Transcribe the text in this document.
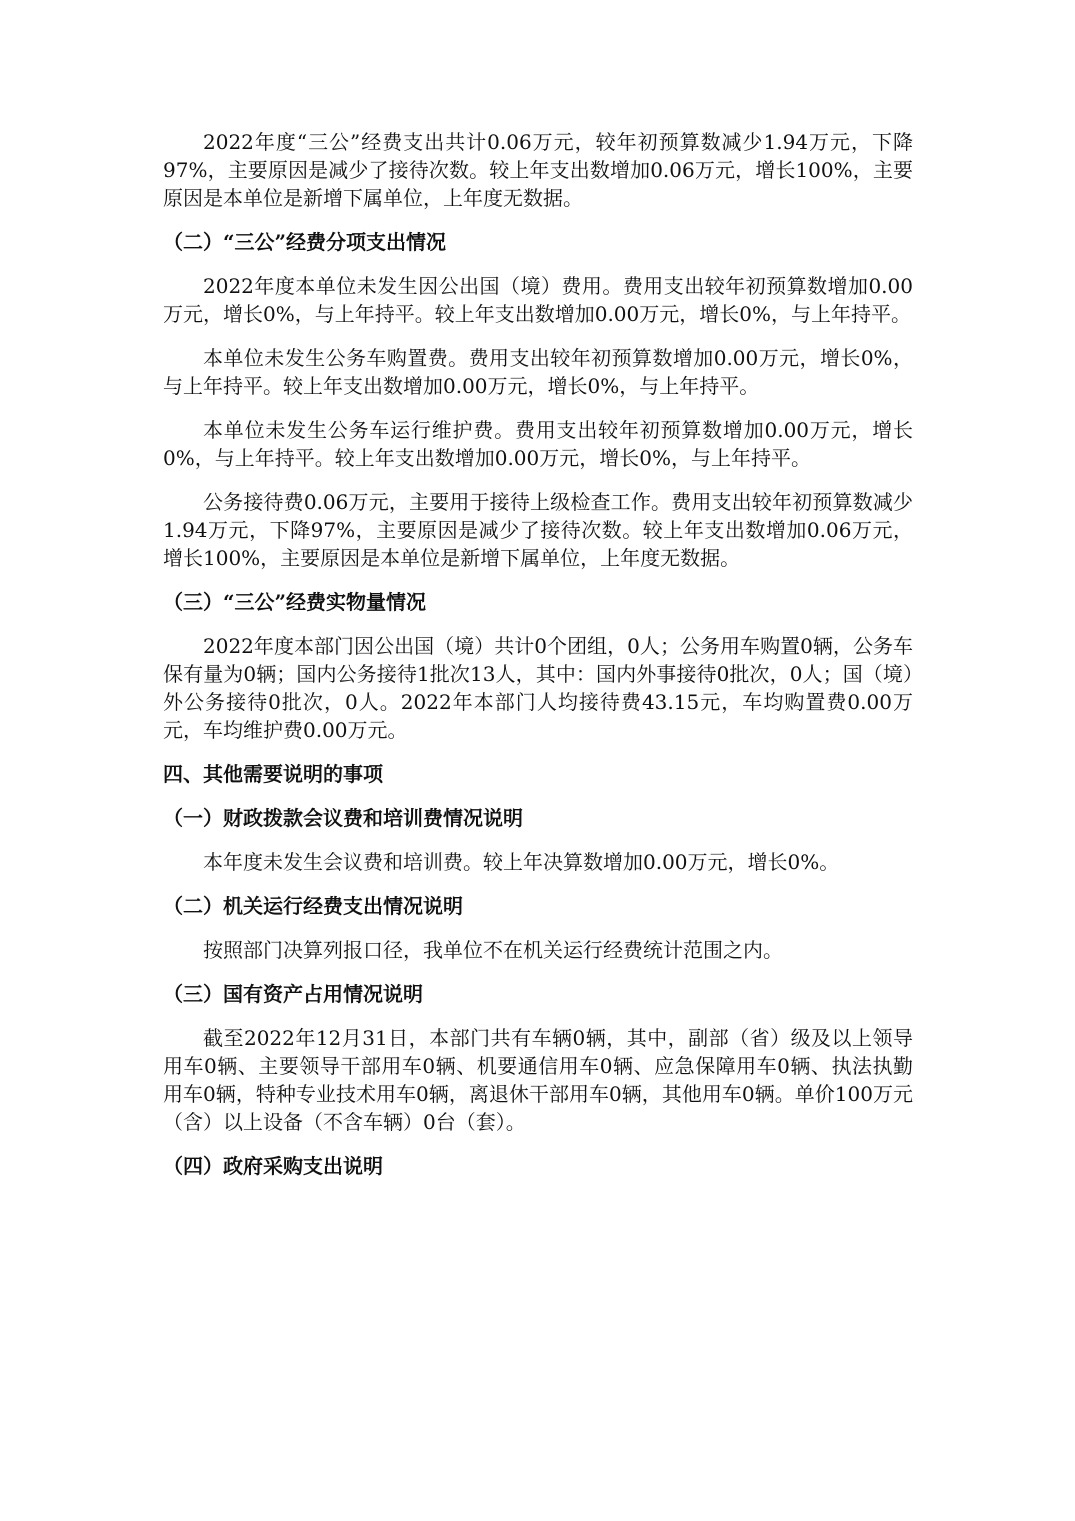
2022年度“三公”经费支出共计0.06万元，较年初预算数减少1.94万元，下降97%，主要原因是减少了接待次数。较上年支出数增加0.06万元，增长100%，主要原因是本单位是新增下属单位，上年度无数据。

（二）“三公”经费分项支出情况

2022年度本单位未发生因公出国（境）费用。费用支出较年初预算数增加0.00万元，增长0%，与上年持平。较上年支出数增加0.00万元，增长0%，与上年持平。

本单位未发生公务车购置费。费用支出较年初预算数增加0.00万元，增长0%，与上年持平。较上年支出数增加0.00万元，增长0%，与上年持平。

本单位未发生公务车运行维护费。费用支出较年初预算数增加0.00万元，增长0%，与上年持平。较上年支出数增加0.00万元，增长0%，与上年持平。

公务接待费0.06万元，主要用于接待上级检查工作。费用支出较年初预算数减少1.94万元，下降97%，主要原因是减少了接待次数。较上年支出数增加0.06万元，增长100%，主要原因是本单位是新增下属单位，上年度无数据。

（三）“三公”经费实物量情况

2022年度本部门因公出国（境）共计0个团组，0人；公务用车购置0辆，公务车保有量为0辆；国内公务接待1批次13人，其中：国内外事接待0批次，0人；国（境）外公务接待0批次，0人。2022年本部门人均接待费43.15元，车均购置费0.00万元，车均维护费0.00万元。

四、其他需要说明的事项

（一）财政拨款会议费和培训费情况说明

本年度未发生会议费和培训费。较上年决算数增加0.00万元，增长0%。

（二）机关运行经费支出情况说明

按照部门决算列报口径，我单位不在机关运行经费统计范围之内。

（三）国有资产占用情况说明

截至2022年12月31日，本部门共有车辆0辆，其中，副部（省）级及以上领导用车0辆、主要领导干部用车0辆、机要通信用车0辆、应急保障用车0辆、执法执勤用车0辆，特种专业技术用车0辆，离退休干部用车0辆，其他用车0辆。单价100万元（含）以上设备（不含车辆）0台（套）。

（四）政府采购支出说明
